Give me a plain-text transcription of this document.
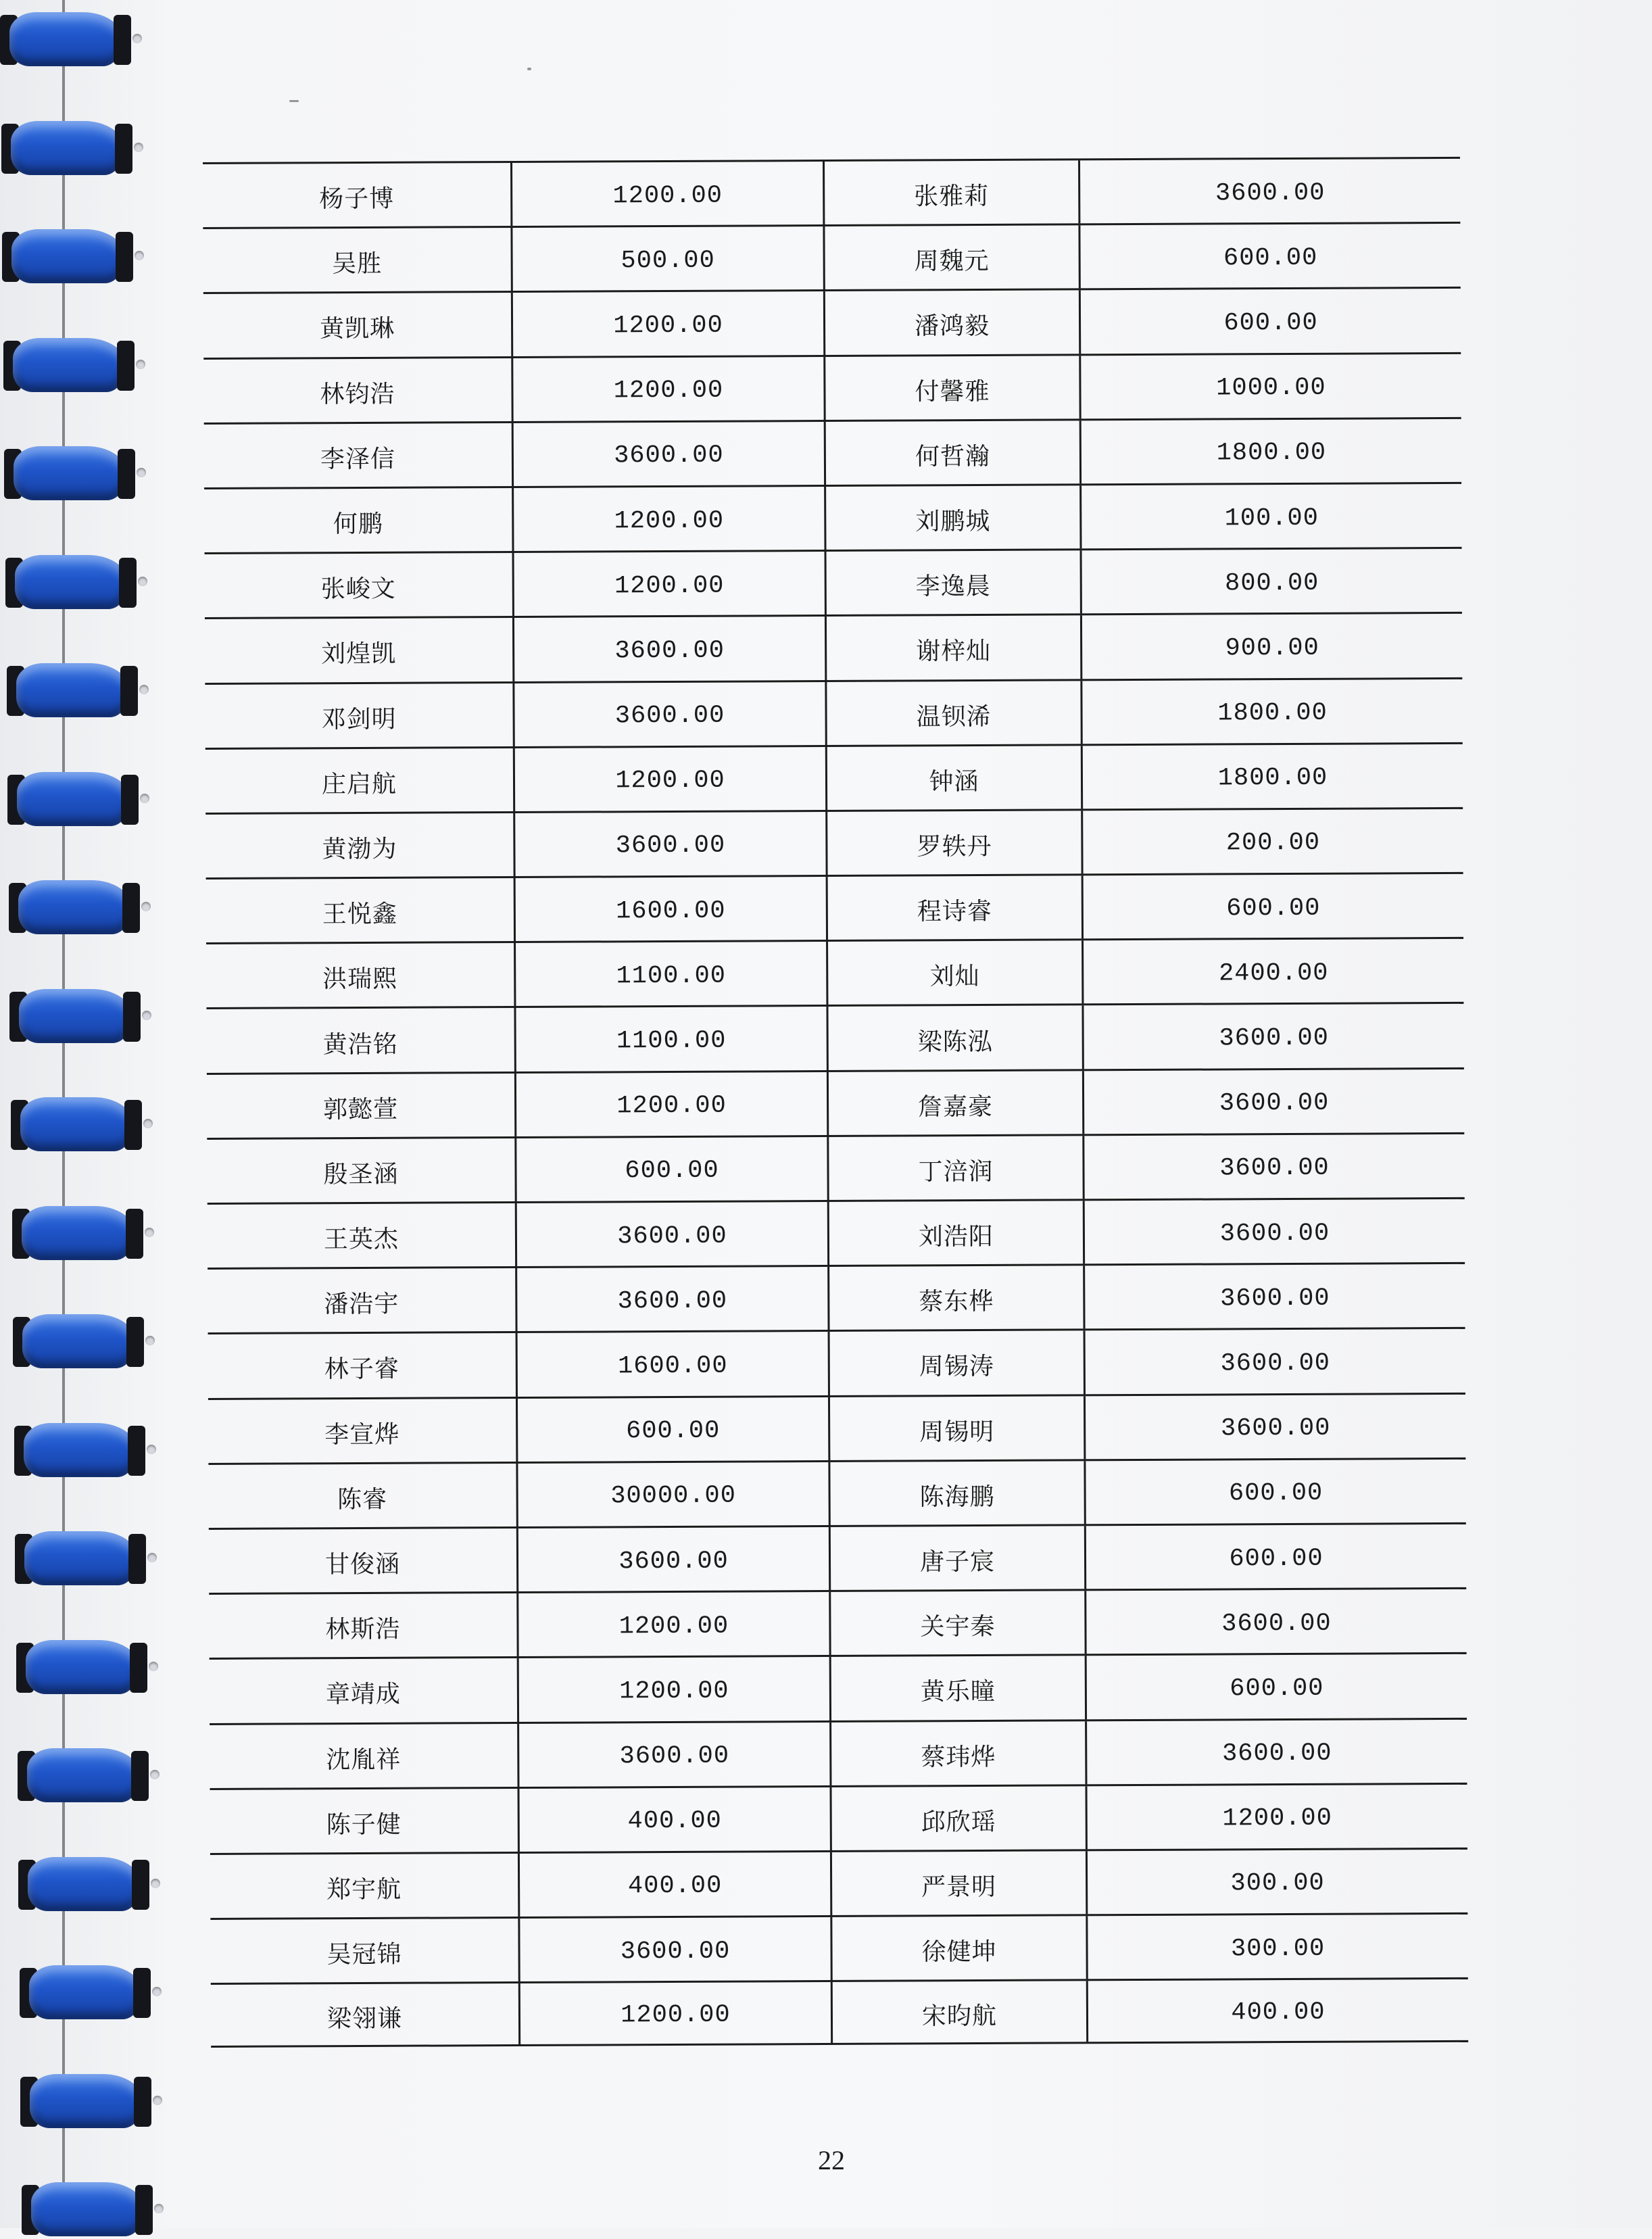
杨子博	1200.00	张雅莉	3600.00
吴胜	500.00	周魏元	600.00
黄凯琳	1200.00	潘鸿毅	600.00
林钧浩	1200.00	付馨雅	1000.00
李泽信	3600.00	何哲瀚	1800.00
何鹏	1200.00	刘鹏城	100.00
张峻文	1200.00	李逸晨	800.00
刘煌凯	3600.00	谢梓灿	900.00
邓剑明	3600.00	温钡浠	1800.00
庄启航	1200.00	钟涵	1800.00
黄渤为	3600.00	罗轶丹	200.00
王悦鑫	1600.00	程诗睿	600.00
洪瑞熙	1100.00	刘灿	2400.00
黄浩铭	1100.00	梁陈泓	3600.00
郭懿萱	1200.00	詹嘉豪	3600.00
殷圣涵	600.00	丁涪润	3600.00
王英杰	3600.00	刘浩阳	3600.00
潘浩宇	3600.00	蔡东桦	3600.00
林子睿	1600.00	周锡涛	3600.00
李宣烨	600.00	周锡明	3600.00
陈睿	30000.00	陈海鹏	600.00
甘俊涵	3600.00	唐子宸	600.00
林斯浩	1200.00	关宇秦	3600.00
章靖成	1200.00	黄乐瞳	600.00
沈胤祥	3600.00	蔡玮烨	3600.00
陈子健	400.00	邱欣瑶	1200.00
郑宇航	400.00	严景明	300.00
吴冠锦	3600.00	徐健坤	300.00
梁翎谦	1200.00	宋昀航	400.00
22
